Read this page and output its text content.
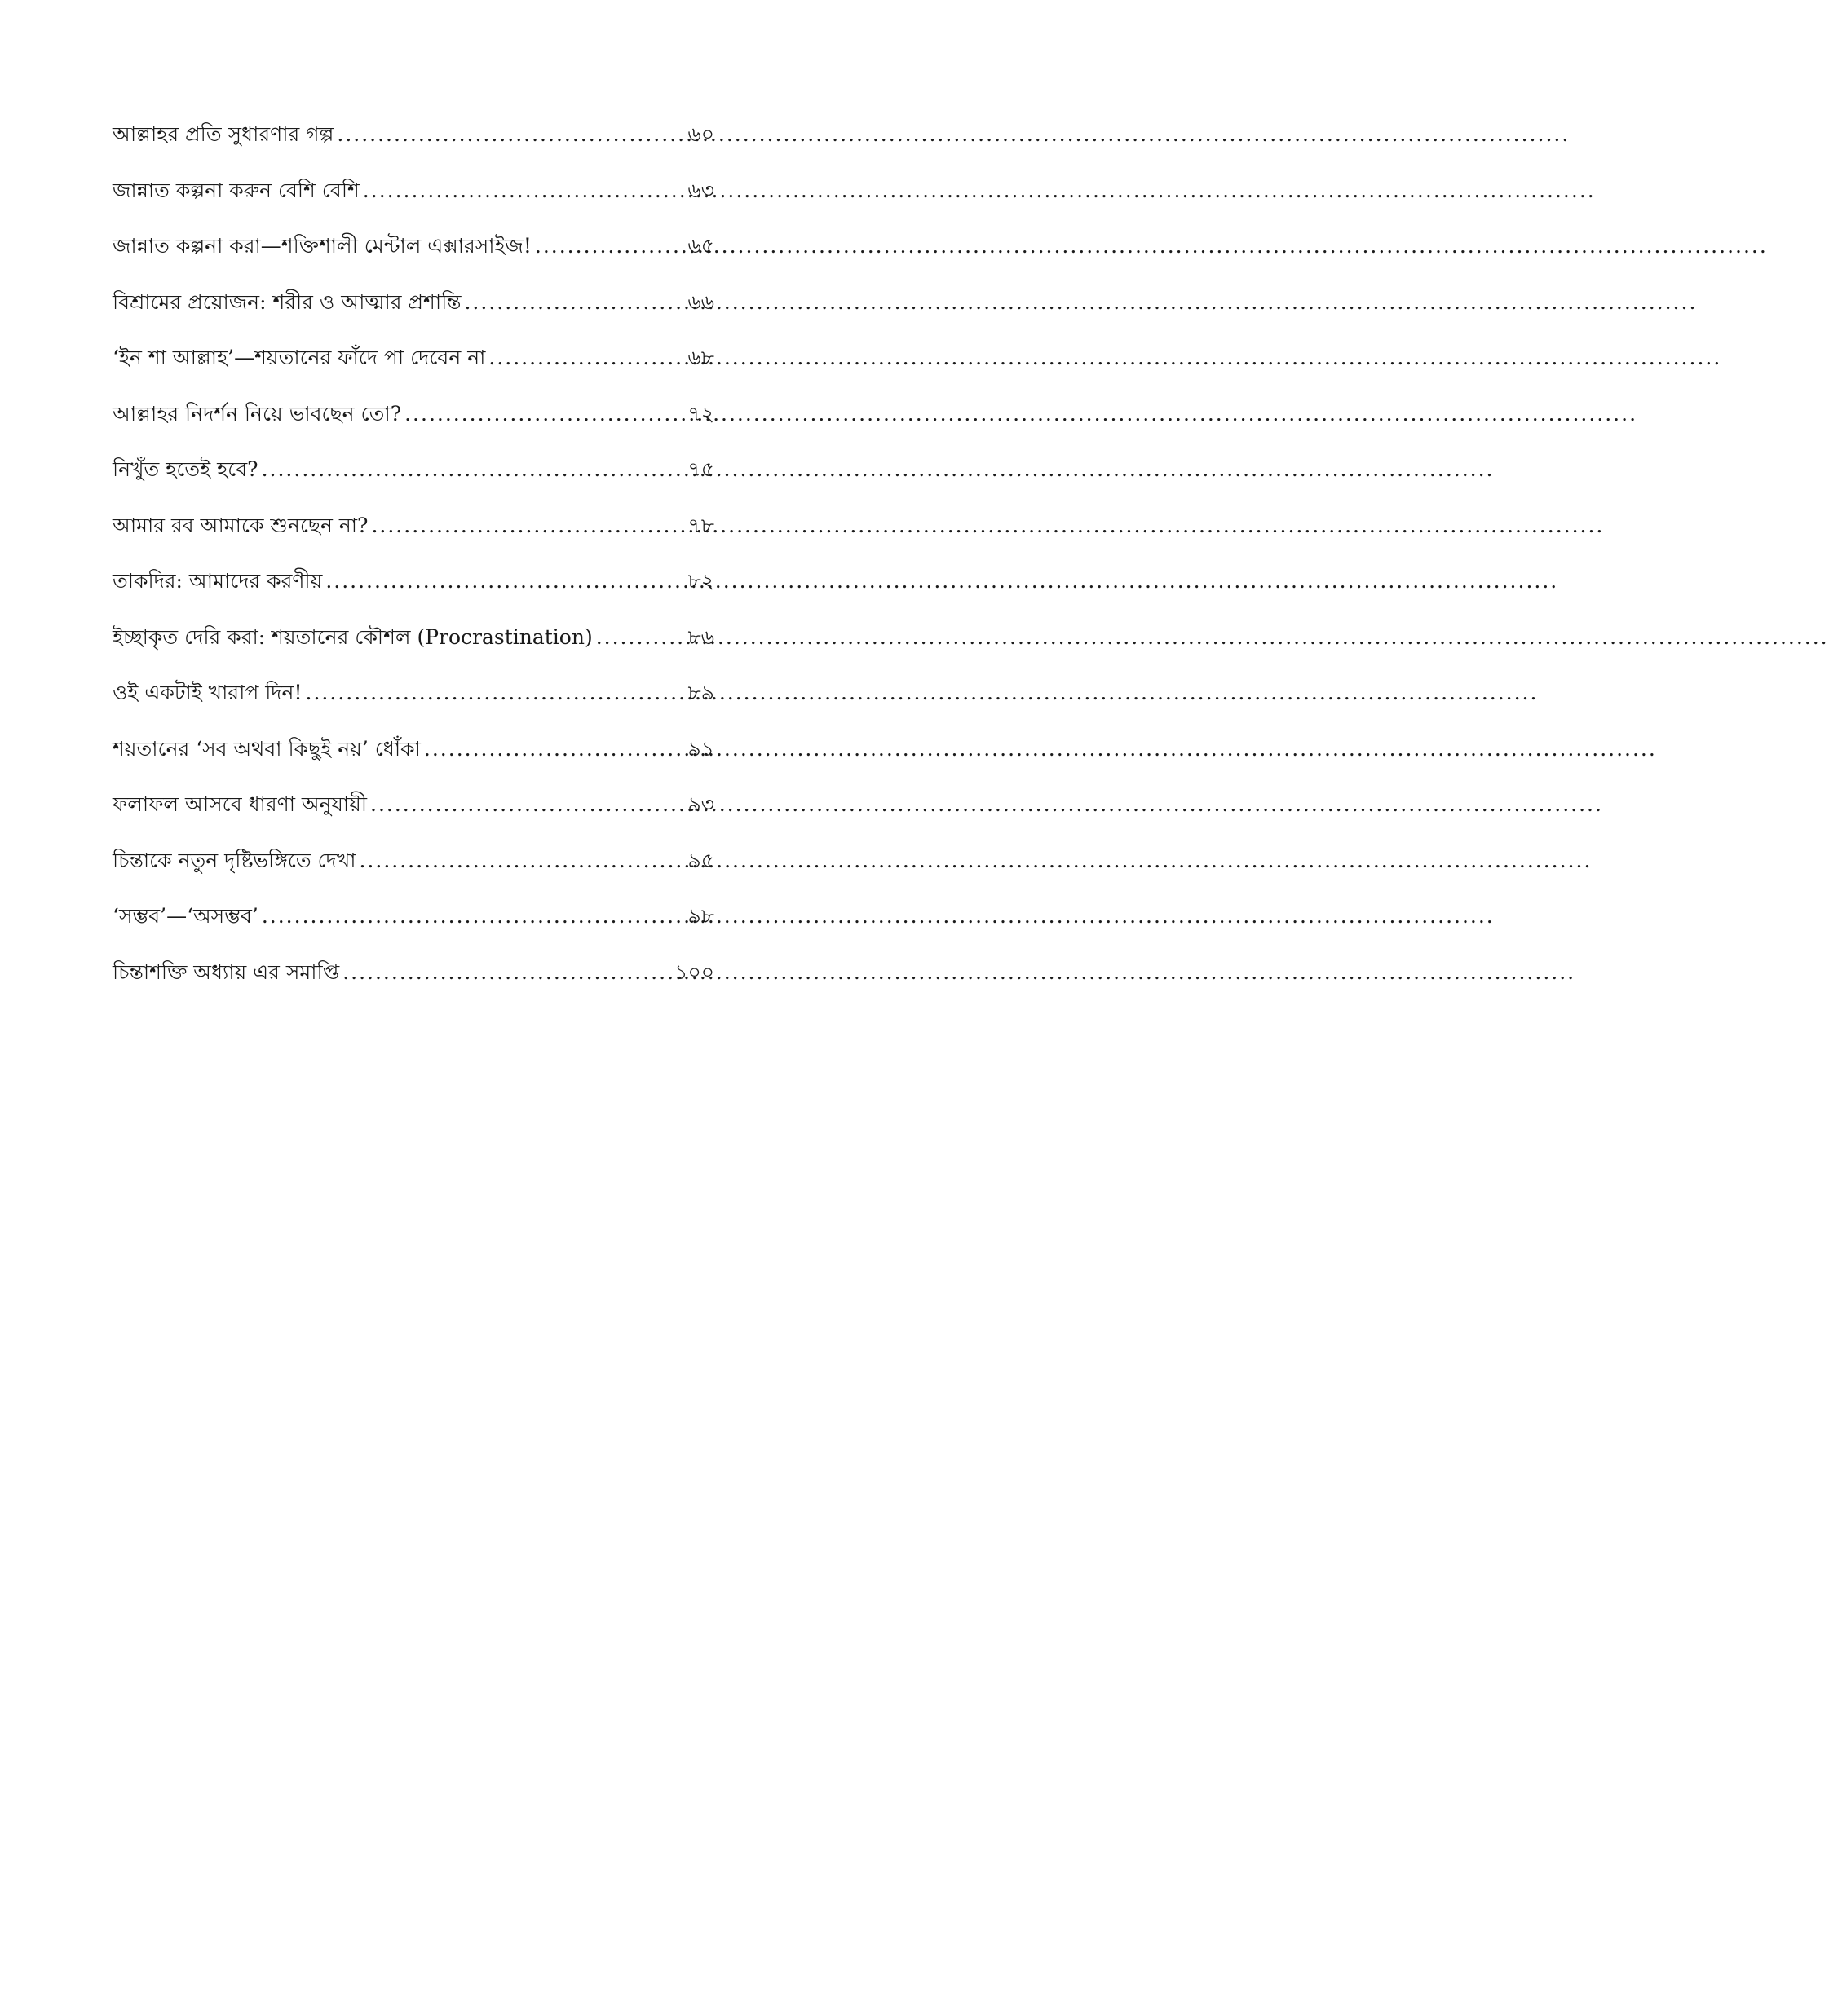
আল্লাহর প্রতি সুধারণার গল্প .....	৬০
জান্নাত কল্পনা করুন বেশি বেশি .....	৬৩
জান্নাত কল্পনা করা—শক্তিশালী মেন্টাল এক্সারসাইজ! .....	৬৫
বিশ্রামের প্রয়োজন: শরীর ও আত্মার প্রশান্তি .....	৬৬
‘ইন শা আল্লাহ’—শয়তানের ফাঁদে পা দেবেন না .....	৬৮
আল্লাহর নিদর্শন নিয়ে ভাবছেন তো? .....	৭২
নিখুঁত হতেই হবে? .....	৭৫
আমার রব আমাকে শুনছেন না? .....	৭৮
তাকদির: আমাদের করণীয় .....	৮২
ইচ্ছাকৃত দেরি করা: শয়তানের কৌশল (Procrastination) .....	৮৬
ওই একটাই খারাপ দিন! .....	৮৯
শয়তানের ‘সব অথবা কিছুই নয়’ ধোঁকা .....	৯১
ফলাফল আসবে ধারণা অনুযায়ী .....	৯৩
চিন্তাকে নতুন দৃষ্টিভঙ্গিতে দেখা .....	৯৫
‘সম্ভব’—‘অসম্ভব’ .....	৯৮
চিন্তাশক্তি অধ্যায় এর সমাপ্তি .....	১০০
